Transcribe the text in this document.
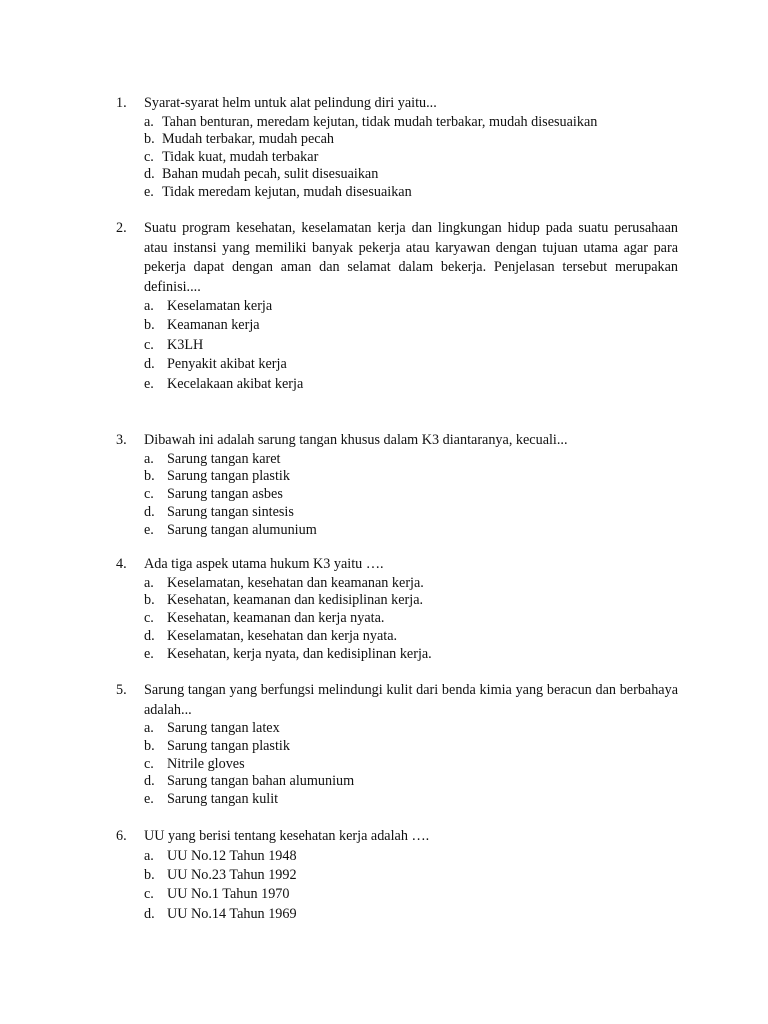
1.	Syarat-syarat helm untuk alat pelindung diri yaitu...
a. Tahan benturan, meredam kejutan, tidak mudah terbakar, mudah disesuaikan
b. Mudah terbakar, mudah pecah
c. Tidak kuat, mudah terbakar
d. Bahan mudah pecah, sulit disesuaikan
e. Tidak meredam kejutan, mudah disesuaikan
2.	Suatu program kesehatan, keselamatan kerja dan lingkungan hidup pada suatu perusahaan atau instansi yang memiliki banyak pekerja atau karyawan dengan tujuan utama agar para pekerja dapat dengan aman dan selamat dalam bekerja. Penjelasan tersebut merupakan definisi....
a. Keselamatan kerja
b. Keamanan kerja
c. K3LH
d. Penyakit akibat kerja
e. Kecelakaan akibat kerja
3.	Dibawah ini adalah sarung tangan khusus dalam K3 diantaranya, kecuali...
a. Sarung tangan karet
b. Sarung tangan plastik
c. Sarung tangan asbes
d. Sarung tangan sintesis
e. Sarung tangan alumunium
4.	Ada tiga aspek utama hukum K3 yaitu ….
a. Keselamatan, kesehatan dan keamanan kerja.
b. Kesehatan, keamanan dan kedisiplinan kerja.
c. Kesehatan, keamanan dan kerja nyata.
d. Keselamatan, kesehatan dan kerja nyata.
e. Kesehatan, kerja nyata, dan kedisiplinan kerja.
5.	Sarung tangan yang berfungsi melindungi kulit dari benda kimia yang beracun dan berbahaya adalah...
a. Sarung tangan latex
b. Sarung tangan plastik
c. Nitrile gloves
d. Sarung tangan bahan alumunium
e. Sarung tangan kulit
6.	UU yang berisi tentang kesehatan kerja adalah ….
a. UU No.12 Tahun 1948
b. UU No.23 Tahun 1992
c. UU No.1 Tahun 1970
d. UU No.14 Tahun 1969
